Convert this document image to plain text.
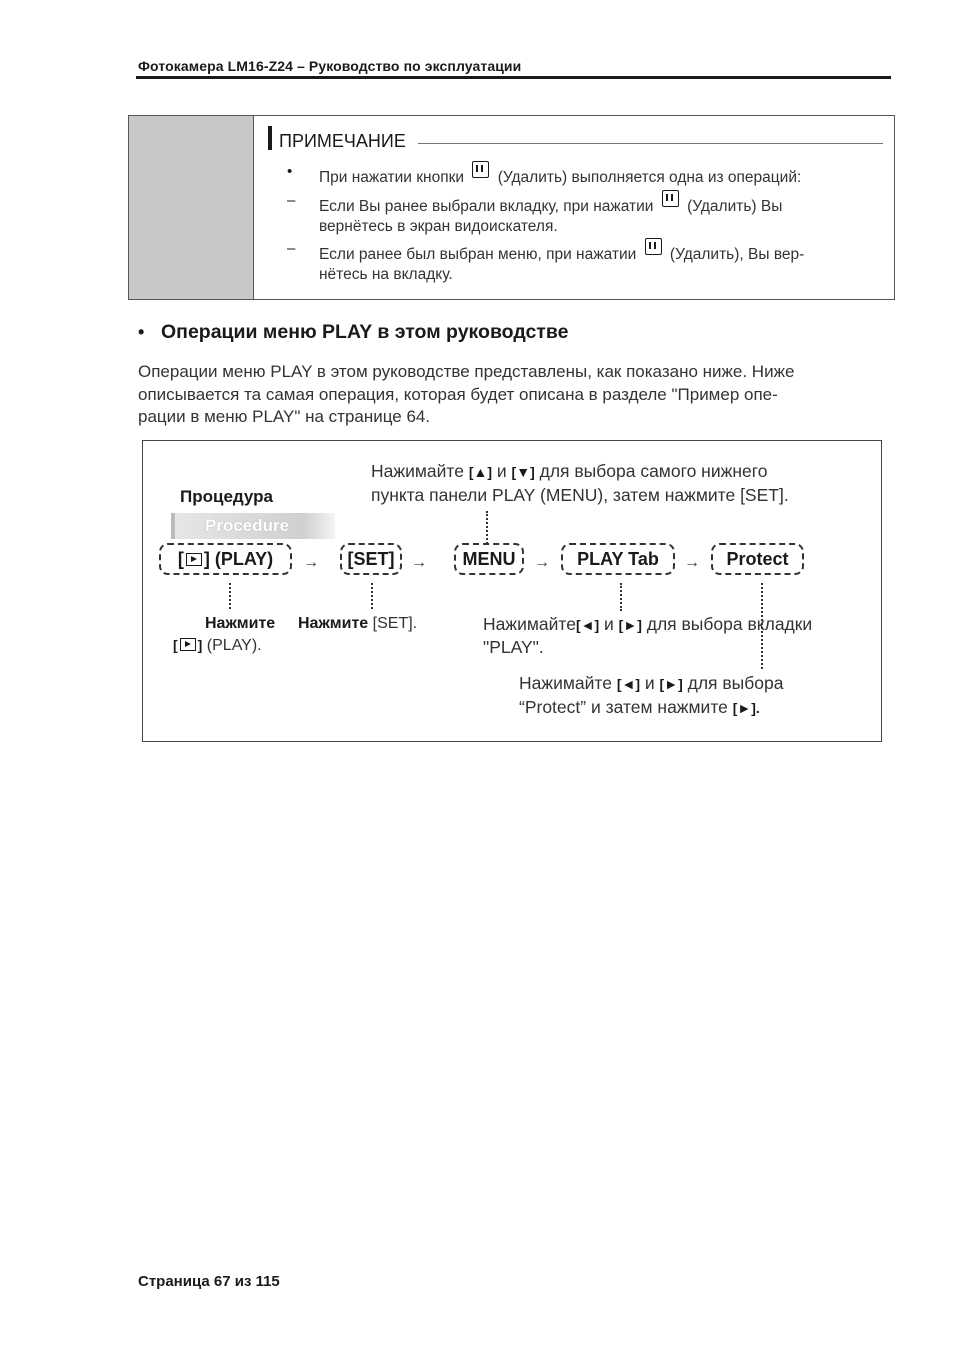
Фотокамера LM16-Z24 – Руководство по эксплуатации
ПРИМЕЧАНИЕ
• При нажатии кнопки (Удалить) выполняется одна из операций:
– Если Вы ранее выбрали вкладку, при нажатии (Удалить) Вы
вернётесь в экран видоискателя.
– Если ранее был выбран меню, при нажатии (Удалить), Вы вер-
нётесь на вкладку.
• Операции меню PLAY в этом руководстве
Операции меню PLAY в этом руководстве представлены, как показано ниже. Ниже
описывается та самая операция, которая будет описана в разделе "Пример опе-
рации в меню PLAY" на странице 64.
Нажимайте [▲] и [▼] для выбора самого нижнего
пункта панели PLAY (MENU), затем нажмите [SET].
Процедура
Procedure
[ ]
(PLAY) →	[SET]	→	MENU	→	PLAY Tab	→	Protect
Нажмите
[ ] (PLAY).
Нажмите [SET].	Нажимайте[◄] и [►] для выбора вкладки
"PLAY".
Нажимайте [◄] и [►] для выбора
“Protect” и затем нажмите [►].
Страница 67 из 115
